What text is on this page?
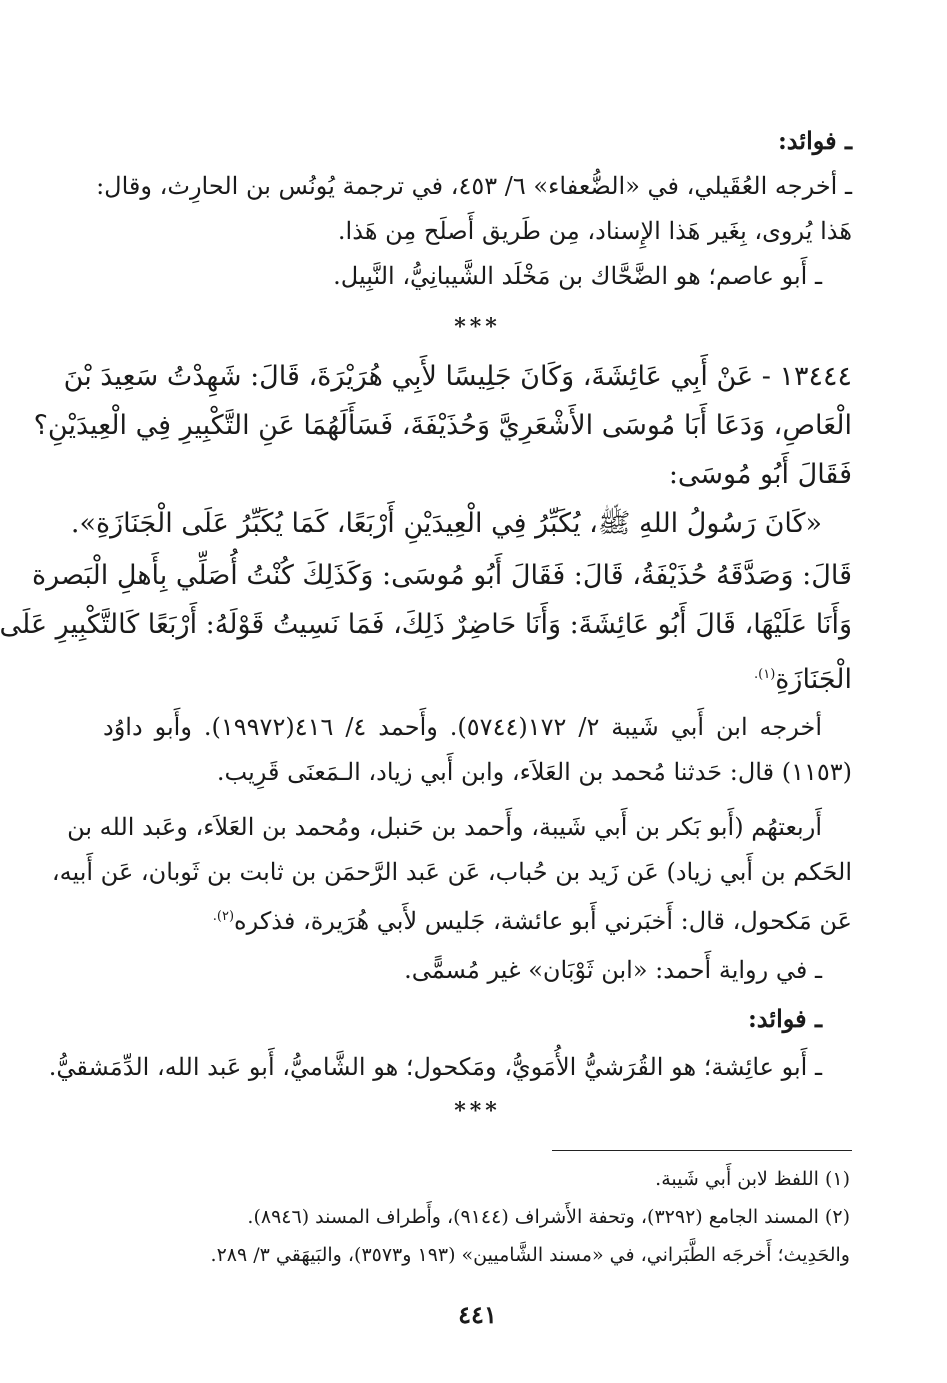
ـ فوائد:
ـ أخرجه العُقَيلي، في «الضُّعفاء» ٦/ ٤٥٣، في ترجمة يُونُس بن الحارِث، وقال:
هَذا يُروى، بِغَير هَذا الإِسناد، مِن طَريق أَصلَح مِن هَذا.
ـ أَبو عاصم؛ هو الضَّحَّاك بن مَخْلَد الشَّيبانِيُّ، النَّبِيل.
***
١٣٤٤٤ - عَنْ أَبِي عَائِشَةَ، وَكَانَ جَلِيسًا لأَبِي هُرَيْرَةَ، قَالَ: شَهِدْتُ سَعِيدَ بْنَ
الْعَاصِ، وَدَعَا أَبَا مُوسَى الأَشْعَرِيَّ وَحُذَيْفَةَ، فَسَأَلَهُمَا عَنِ التَّكْبِيرِ فِي الْعِيدَيْنِ؟
فَقَالَ أَبُو مُوسَى:
«كَانَ رَسُولُ اللهِ ﷺ، يُكَبِّرُ فِي الْعِيدَيْنِ أَرْبَعًا، كَمَا يُكَبِّرُ عَلَى الْجَنَازَةِ».
قَالَ: وَصَدَّقَهُ حُذَيْفَةُ، قَالَ: فَقَالَ أَبُو مُوسَى: وَكَذَلِكَ كُنْتُ أُصَلِّي بِأَهلِ الْبَصرة
وَأَنَا عَلَيْهَا، قَالَ أَبُو عَائِشَةَ: وَأَنَا حَاضِرٌ ذَلِكَ، فَمَا نَسِيتُ قَوْلَهُ: أَرْبَعًا كَالتَّكْبِيرِ عَلَى
الْجَنَازَةِ$^{(١).}$
أخرجه ابن أَبي شَيبة ٢/ ١٧٢(٥٧٤٤). وأَحمد ٤/ ٤١٦(١٩٩٧٢). وأَبو داوُد
(١١٥٣) قال: حَدثنا مُحمد بن العَلاَء، وابن أَبي زياد، الـمَعنَى قَرِيب.
أَربعتهُم (أَبو بَكر بن أَبي شَيبة، وأَحمد بن حَنبل، ومُحمد بن العَلاَء، وعَبد الله بن
الحَكم بن أَبي زياد) عَن زَيد بن حُباب، عَن عَبد الرَّحمَن بن ثابت بن ثَوبان، عَن أَبيه،
عَن مَكحول، قال: أَخبَرني أَبو عائشة، جَليس لأَبي هُرَيرة، فذكره$^{(٢).}$
ـ في رواية أَحمد: «ابن ثَوْبَان» غير مُسمًّى.
ـ فوائد:
ـ أَبو عائِشة؛ هو القُرَشيُّ الأُمَويُّ، ومَكحول؛ هو الشَّاميُّ، أَبو عَبد الله، الدِّمَشقيُّ.
***
(١) اللفظ لابن أَبي شَيبة.
(٢) المسند الجامع (٣٢٩٢)، وتحفة الأَشراف (٩١٤٤)، وأَطراف المسند (٨٩٤٦).
والحَدِيث؛ أَخرجَه الطَّبَراني، في «مسند الشَّاميين» (١٩٣ و٣٥٧٣)، والبَيهَقي ٣/ ٢٨٩.
٤٤١
